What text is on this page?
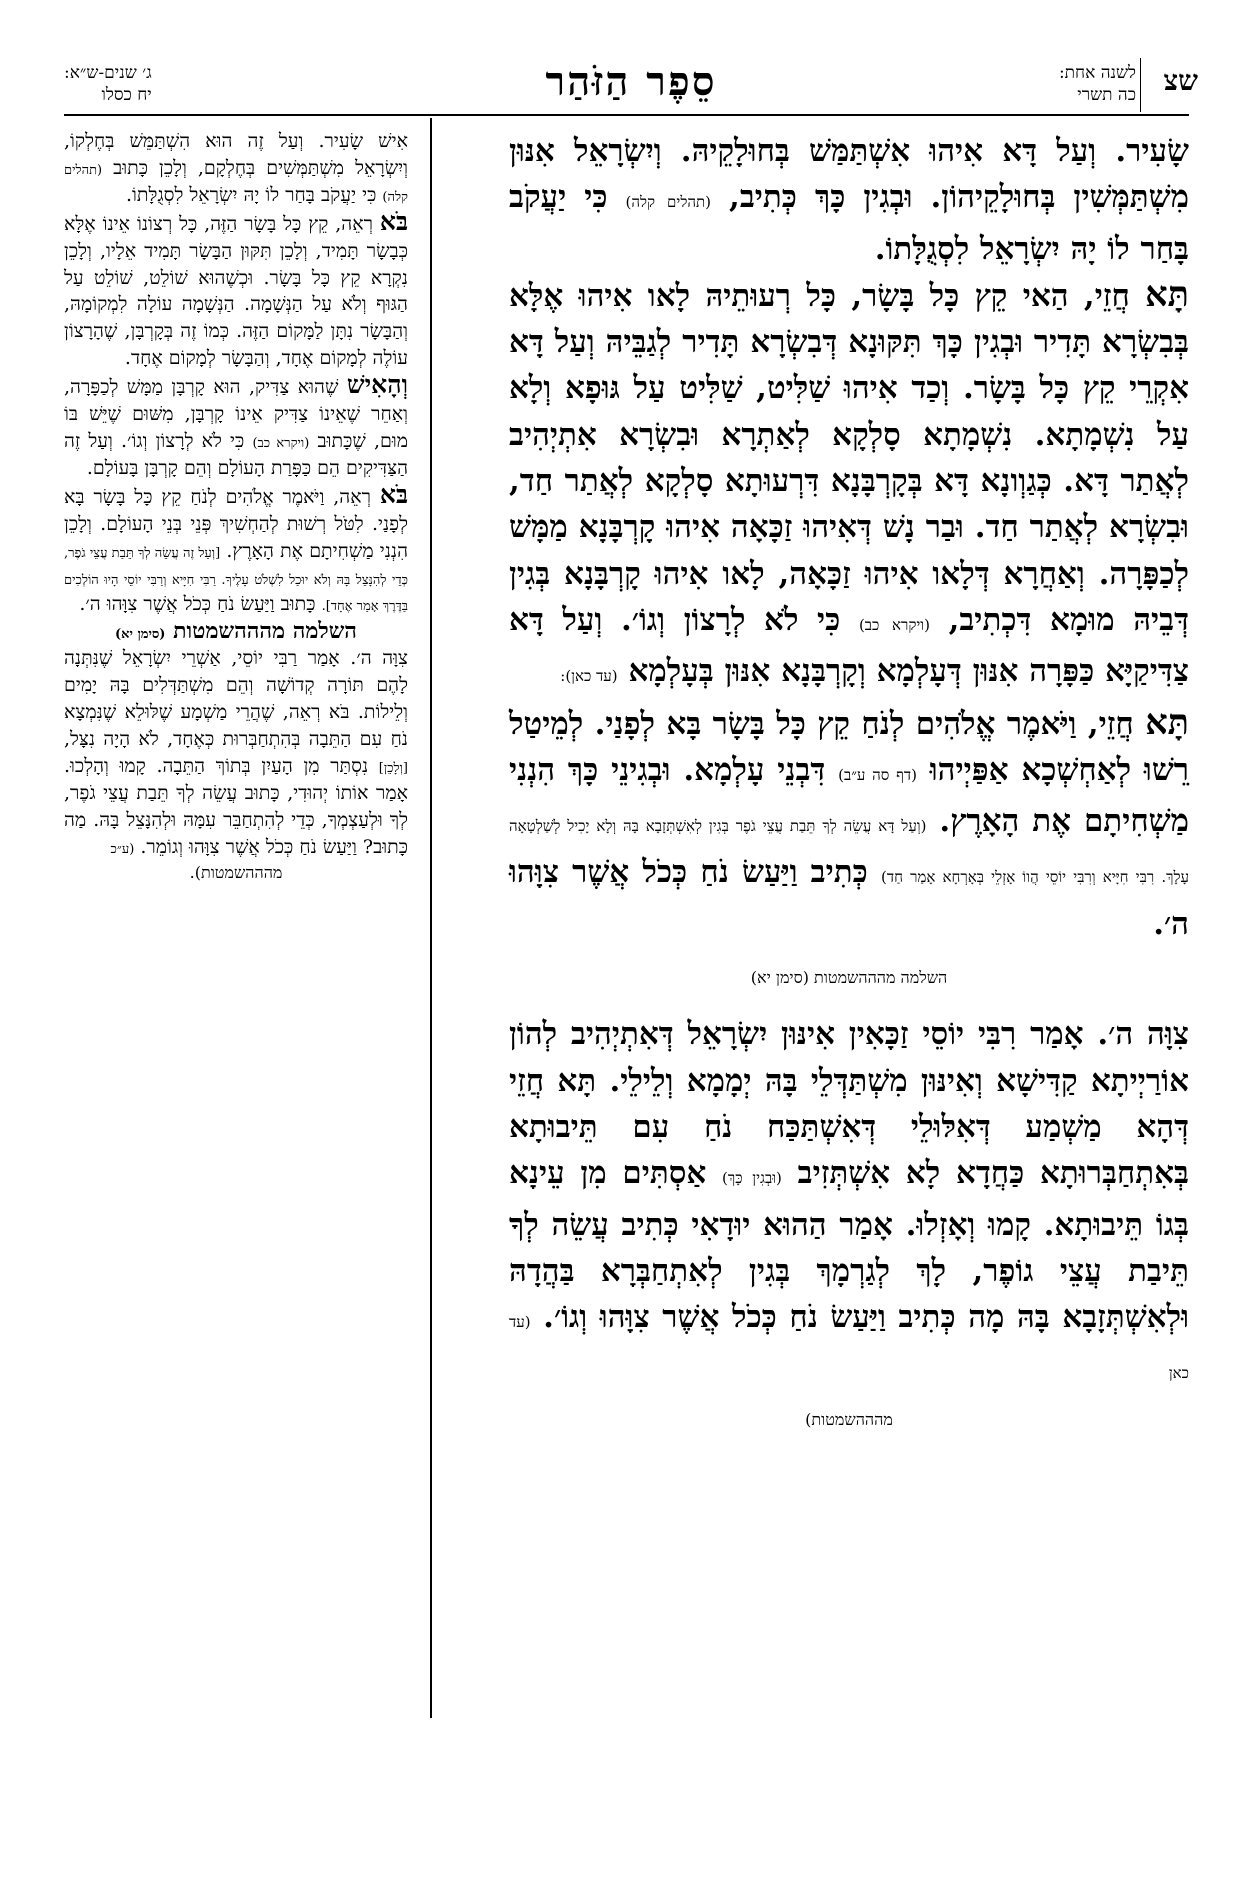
שצ
לשנה אחת:
כה תשרי
סֵפֶר הַזֹּהַר
ג׳ שנים-ש״א:
יח כסלו

שָׂעִיר. וְעַל דָּא אִיהוּ אִשְׁתַּמַּשׁ בְּחוּלָקֵיהּ. וְיִשְׂרָאֵל אִנּוּן מִשְׁתַּמְּשִׁין בְּחוּלָקֵיהוֹן. וּבְגִין כָּךְ כְּתִיב, (תהלים קלה) כִּי יַעֲקֹב בָּחַר לוֹ יָהּ יִשְׂרָאֵל לִסְגֻלָּתוֹ.

תָּא חֲזֵי, הַאי קֵץ כָּל בָּשָׂר, כָּל רְעוּתֵיהּ לָאו אִיהוּ אֶלָּא בְּבִשְׂרָא תָּדִיר וּבְגִין כָּךְ תִּקּוּנָא דְּבִשְׂרָא תָּדִיר לְגַבֵּיהּ וְעַל דָּא אִקְרֵי קֵץ כָּל בָּשָׂר. וְכַד אִיהוּ שַׁלִּיט, שַׁלִּיט עַל גּוּפָא וְלָא עַל נִשְׁמָתָא. נִשְׁמָתָא סָלְקָא לְאַתְרָא וּבִשְׂרָא אִתְיְהִיב לְאֲתַר דָּא. כְּגַוְונָא דָּא בְּקָרְבָּנָא דִּרְעוּתָא סָלְקָא לְאֲתַר חַד, וּבִשְׂרָא לְאֲתַר חַד. וּבַר נָשׁ דְּאִיהוּ זַכָּאָה אִיהוּ קָרְבָּנָא מַמָּשׁ לְכַפָּרָה. וְאַחֲרָא דְּלָאו אִיהוּ זַכָּאָה, לָאו אִיהוּ קָרְבָּנָא בְּגִין דְּבֵיהּ מוּמָא דִּכְתִיב, (ויקרא כב) כִּי לֹא לְרָצוֹן וְגוֹ׳. וְעַל דָּא צַדִּיקַיָּא כַּפָּרָה אִנּוּן דְּעָלְמָא וְקָרְבָּנָא אִנּוּן בְּעָלְמָא (עד כאן):

תָּא חֲזֵי, וַיֹּאמֶר אֱלֹהִים לְנֹחַ קֵץ כָּל בָּשָׂר בָּא לְפָנַי. לְמֵיטַל רֵשׁוּ לְאַחְשְׁכָא אַפַּיְיהוּ (דף סה ע״ב) דִּבְנֵי עָלְמָא. וּבְגִינֵי כָּךְ הִנְנִי מַשְׁחִיתָם אֶת הָאָרֶץ. (וְעַל דָּא עֲשֵׂה לְךָ תֵּבַת עֲצֵי גֹפֶר בְּגִין לְאִשְׁתְּזָבָא בָּהּ וְלָא יָכִיל לְשַׁלְטָאָה עָלָךְ. רִבִּי חִיָּיא וְרִבִּי יוֹסֵי הֲווֹ אָזְלֵי בְּאָרְחָא אָמַר חַד) כְּתִיב וַיַּעַשׂ נֹחַ כְּכֹל אֲשֶׁר צִוָּהוּ ה׳.

השלמה מהההשמטות (סימן יא)

צִוָּה ה׳. אָמַר רִבִּי יוֹסֵי זַכָּאִין אִינּוּן יִשְׂרָאֵל דְּאִתְיְהִיב לְהוֹן אוֹרַיְיתָא קַדִּישָׁא וְאִינּוּן מִשְׁתַּדְּלֵי בָּהּ יְמָמָא וְלֵילֵי. תָּא חֲזֵי דְּהָא מַשְׁמַע דְּאִלּוּלֵי דְּאִשְׁתַּכַּח נֹחַ עִם תֵּיבוּתָא בְּאִתְחַבְּרוּתָא כַּחֲדָא לָא אִשְׁתְּזִיב (וּבְגִין כָּךְ) אַסְתִּים מִן עֵינָא בְּגוֹ תֵּיבוּתָא. קָמוּ וְאָזְלוּ. אָמַר הַהוּא יוּדָאִי כְּתִיב עֲשֵׂה לְךָ תֵּיבַת עֲצֵי גוֹפֶר, לָךְ לְגַרְמָךְ בְּגִין לְאִתְחַבְּרָא בַּהֲדָהּ וּלְאִשְׁתְּזָבָא בָּהּ מָה כְּתִיב וַיַּעַשׂ נֹחַ כְּכֹל אֲשֶׁר צִוָּהוּ וְגוֹ׳. (עד כאן

מהההשמטות)

אִישׁ שָׂעִיר. וְעַל זֶה הוּא הִשְׁתַּמֵּשׁ בְּחֶלְקוֹ, וְיִשְׂרָאֵל מִשְׁתַּמְּשִׁים בְּחֶלְקָם, וְלָכֵן כָּתוּב (תהלים קלה) כִּי יַעֲקֹב בָּחַר לוֹ יָהּ יִשְׂרָאֵל לִסְגֻלָּתוֹ.

בֹּא רְאֵה, קֵץ כָּל בָּשָׂר הַזֶּה, כָּל רְצוֹנוֹ אֵינוֹ אֶלָּא כְּבָשָׂר תָּמִיד, וְלָכֵן תִּקּוּן הַבָּשָׂר תָּמִיד אֵלָיו, וְלָכֵן נִקְרָא קֵץ כָּל בָּשָׂר. וּכְשֶׁהוּא שׁוֹלֵט, שׁוֹלֵט עַל הַגּוּף וְלֹא עַל הַנְּשָׁמָה. הַנְּשָׁמָה עוֹלָה לִמְקוֹמָהּ, וְהַבָּשָׂר נִתָּן לַמָּקוֹם הַזֶּה. כְּמוֹ זֶה בְּקָרְבָּן, שֶׁהָרָצוֹן עוֹלֶה לְמָקוֹם אֶחָד, וְהַבָּשָׂר לְמָקוֹם אֶחָד.

וְהָאִישׁ שֶׁהוּא צַדִּיק, הוּא קָרְבָּן מַמָּשׁ לְכַפָּרָה, וְאַחֵר שֶׁאֵינוֹ צַדִּיק אֵינוֹ קָרְבָּן, מִשּׁוּם שֶׁיֵּשׁ בּוֹ מוּם, שֶׁכָּתוּב (ויקרא כב) כִּי לֹא לְרָצוֹן וְגוֹ׳. וְעַל זֶה הַצַּדִּיקִים הֵם כַּפָּרַת הָעוֹלָם וְהֵם קָרְבָּן בָּעוֹלָם.

בֹּא רְאֵה, וַיֹּאמֶר אֱלֹהִים לְנֹחַ קֵץ כָּל בָּשָׂר בָּא לְפָנַי. לִטֹּל רְשׁוּת לְהַחְשִׁיךְ פְּנֵי בְּנֵי הָעוֹלָם. וְלָכֵן הִנְנִי מַשְׁחִיתָם אֶת הָאָרֶץ. [וְעַל זֶה עֲשֵׂה לְךָ תֵּבַת עֲצֵי גֹפֶר, כְּדֵי לְהִנָּצֵל בָּהּ וְלֹא יוּכַל לִשְׁלֹט עָלֶיךָ. רַבִּי חִיָּיא וְרַבִּי יוֹסֵי הָיוּ הוֹלְכִים בַּדֶּרֶךְ אָמַר אֶחָד]. כָּתוּב וַיַּעַשׂ נֹחַ כְּכֹל אֲשֶׁר צִוָּהוּ ה׳.

השלמה מהההשמטות (סימן יא)

צִוָּה ה׳. אָמַר רַבִּי יוֹסֵי, אַשְׁרֵי יִשְׂרָאֵל שֶׁנִּתְּנָה לָהֶם תּוֹרָה קְדוֹשָׁה וְהֵם מִשְׁתַּדְּלִים בָּהּ יָמִים וְלֵילוֹת. בֹּא רְאֵה, שֶׁהֲרֵי מַשְׁמָע שֶׁלּוּלֵא שֶׁנִּמְצָא נֹחַ עִם הַתֵּבָה בְּהִתְחַבְּרוּת כְּאֶחָד, לֹא הָיָה נִצָּל, [וְלָכֵן] נִסְתַּר מִן הָעַיִן בְּתוֹךְ הַתֵּבָה. קָמוּ וְהָלְכוּ. אָמַר אוֹתוֹ יְהוּדִי, כָּתוּב עֲשֵׂה לְךָ תֵּבַת עֲצֵי גֹפֶר, לְךָ וּלְעַצְמְךָ, כְּדֵי לְהִתְחַבֵּר עִמָּהּ וּלְהִנָּצֵל בָּהּ. מַה כָּתוּב? וַיַּעַשׂ נֹחַ כְּכֹל אֲשֶׁר צִוָּהוּ וְגוֹמֵר. (ע״כ

מהההשמטות).
